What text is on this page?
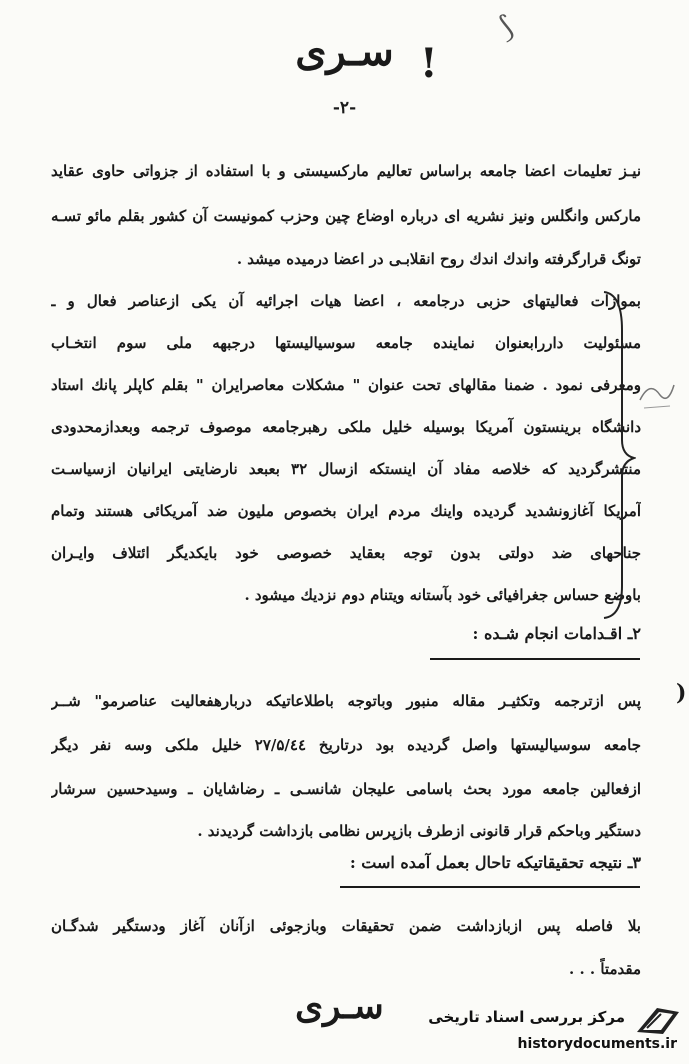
⟆
!
سـرى
-۲-
نيـز تعليمات اعضا جامعه براساس تعاليم ماركسيستى و با استفاده از جزواتى حاوی عقايد
ماركس وانگلس ونيز نشريه ای درباره اوضاع چين وحزب كمونيست آن كشور بقلم مائو تسـه
تونگ قرارگرفته واندك اندك روح انقلابـی در اعضا درميده ميشد .
بموازات فعاليتهای حزبی درجامعه ، اعضا هيات اجرائيه آن يكی ازعناصر فعال و ـ
مسئوليت داررابعنوان نماينده جامعه سوسياليستها درجبهه ملی سوم انتخـاب
ومعرفی نمود . ضمنا مقالهای تحت عنوان " مشكلات معاصرايران " بقلم كاپلر پانك استاد
دانشگاه برينستون آمريكا بوسيله خليل ملكی رهبرجامعه موصوف ترجمه وبعدازمحدودی
منتشرگرديد كه خلاصه مفاد آن اينستكه ازسال ۳۲ بعبعد نارضايتی ايرانيان ازسياسـت
آمريكا آغازونشديد گرديده واينك مردم ايران بخصوص مليون ضد آمريكائی هستند وتمام
جناحهای ضد دولتی بدون توجه بعقايد خصوصی خود بايكديگر ائتلاف وايـران
باوضع حساس جغرافيائی خود بآستانه ويتنام دوم نزديك ميشود .
۲ـ اقـدامات انجام شـده :
)
پس ازترجمه وتكثيـر مقاله منبور وباتوجه باطلاعاتيكه دربارهفعاليت عناصرمو" شــر
جامعه سوسياليستها واصل گرديده بود درتاريخ ۲۷/۵/٤٤ خليل ملكی وسه نفر ديگر
ازفعالين جامعه مورد بحث باسامی عليجان شانسـی ـ رضاشايان ـ وسيدحسين سرشار
دستگير وباحكم قرار قانونی ازطرف بازپرس نظامی بازداشت گرديدند .
۳ـ نتيجه تحقيقاتيكه تاحال بعمل آمده است :
بلا فاصله پس ازبازداشت ضمن تحقيقات وبازجوئی ازآنان آغاز ودستگير شدگـان
مقدمتاً . . .
سـرى	مركز بررسی اسناد تاريخی
historydocuments.ir
